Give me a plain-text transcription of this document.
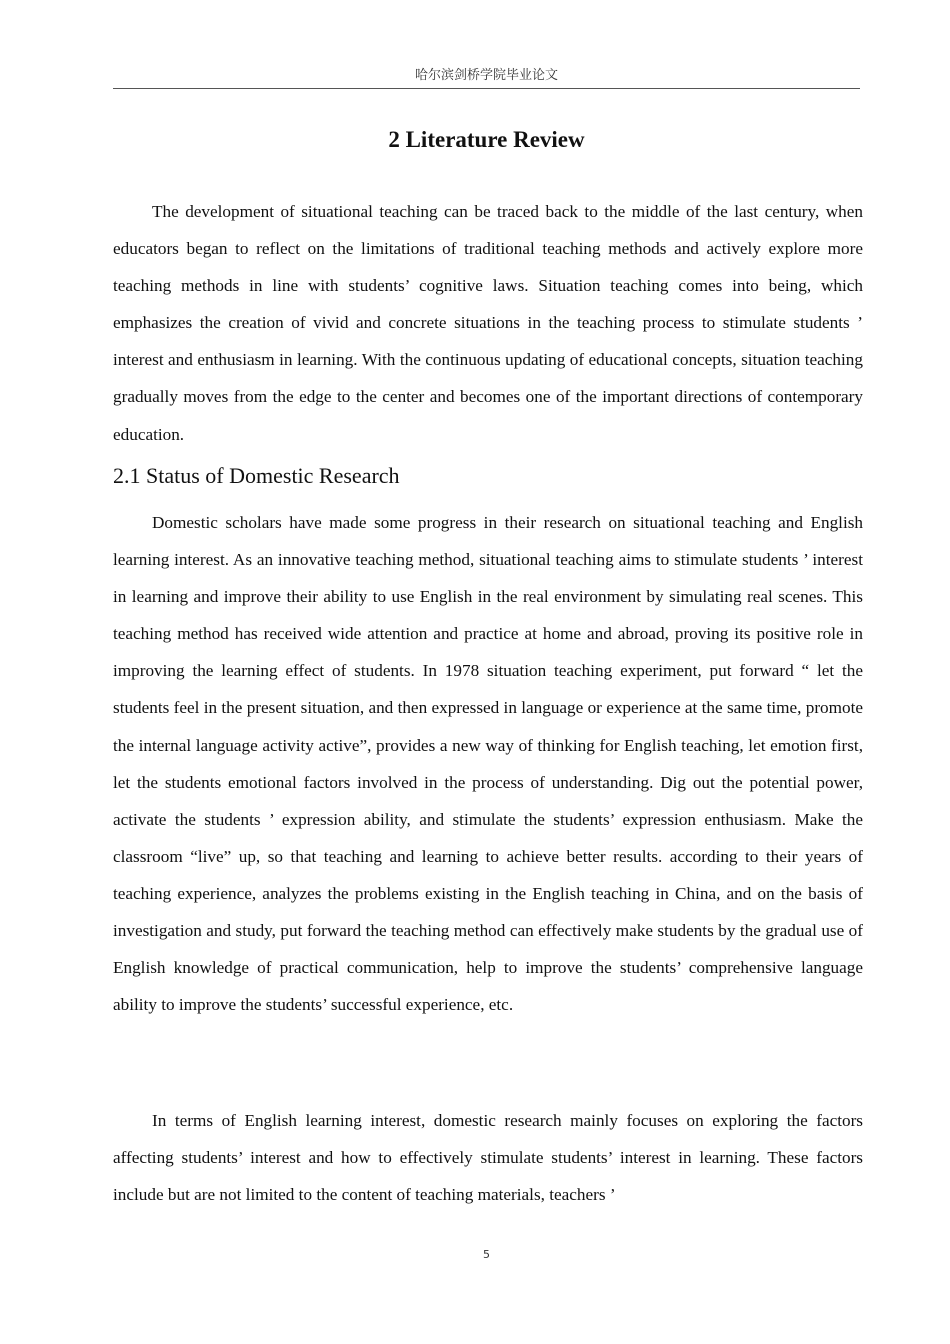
哈尔滨剑桥学院毕业论文
2 Literature Review

The development of situational teaching can be traced back to the middle of the last century, when educators began to reflect on the limitations of traditional teaching methods and actively explore more teaching methods in line with students’ cognitive laws. Situation teaching comes into being, which emphasizes the creation of vivid and concrete situations in the teaching process to stimulate students ’ interest and enthusiasm in learning. With the continuous updating of educational concepts, situation teaching gradually moves from the edge to the center and becomes one of the important directions of contemporary education.

2.1 Status of Domestic Research

Domestic scholars have made some progress in their research on situational teaching and English learning interest. As an innovative teaching method, situational teaching aims to stimulate students ’ interest in learning and improve their ability to use English in the real environment by simulating real scenes. This teaching method has received wide attention and practice at home and abroad, proving its positive role in improving the learning effect of students. In 1978 situation teaching experiment, put forward “ let the students feel in the present situation, and then expressed in language or experience at the same time, promote the internal language activity active”, provides a new way of thinking for English teaching, let emotion first, let the students emotional factors involved in the process of understanding. Dig out the potential power, activate the students ’ expression ability, and stimulate the students’ expression enthusiasm. Make the classroom “live” up, so that teaching and learning to achieve better results. according to their years of teaching experience, analyzes the problems existing in the English teaching in China, and on the basis of investigation and study, put forward the teaching method can effectively make students by the gradual use of English knowledge of practical communication, help to improve the students’ comprehensive language ability to improve the students’ successful experience, etc.

In terms of English learning interest, domestic research mainly focuses on exploring the factors affecting students’ interest and how to effectively stimulate students’ interest in learning. These factors include but are not limited to the content of teaching materials, teachers ’

5
